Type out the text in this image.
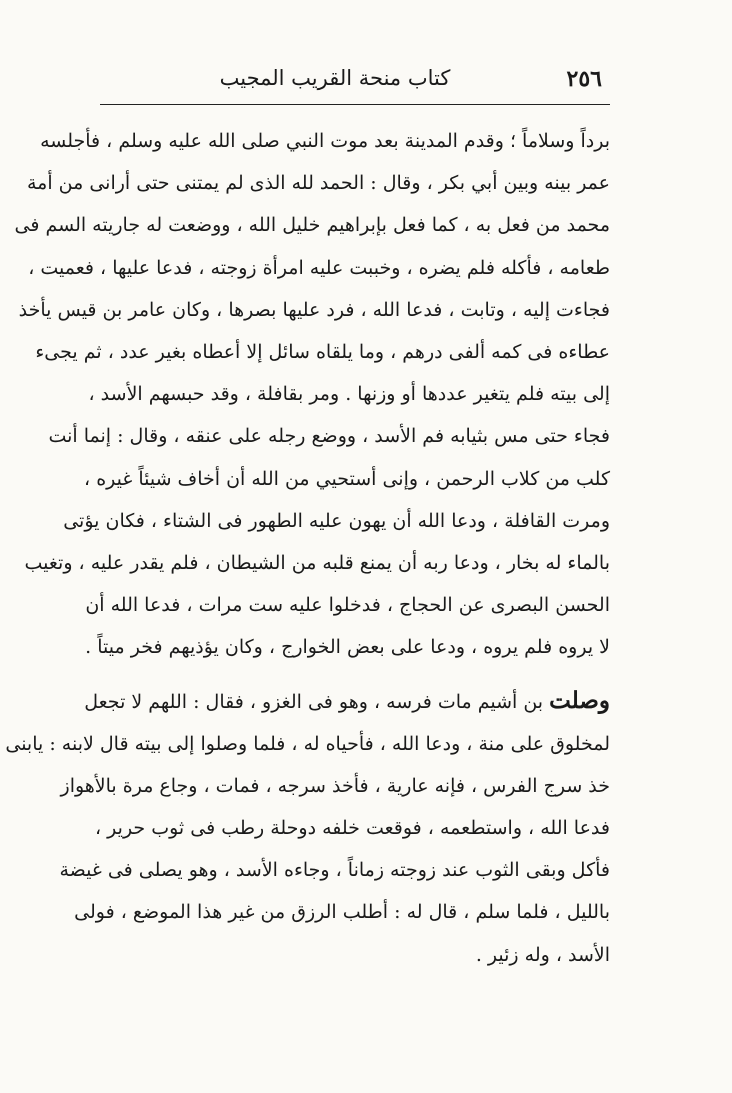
٢٥٦
كتاب منحة القريب المجيب
برداً وسلاماً ؛ وقدم المدينة بعد موت النبي صلى الله عليه وسلم ، فأجلسه
عمر بينه وبين أبي بكر ، وقال : الحمد لله الذى لم يمتنى حتى أرانى من أمة
محمد من فعل به ، كما فعل بإبراهيم خليل الله ، ووضعت له جاريته السم فى
طعامه ، فأكله فلم يضره ، وخببت عليه امرأة زوجته ، فدعا عليها ، فعميت ،
فجاءت إليه ، وتابت ، فدعا الله ، فرد عليها بصرها ، وكان عامر بن قيس يأخذ
عطاءه فى كمه ألفى درهم ، وما يلقاه سائل إلا أعطاه بغير عدد ، ثم يجىء
إلى بيته فلم يتغير عددها أو وزنها . ومر بقافلة ، وقد حبسهم الأسد ،
فجاء حتى مس بثيابه فم الأسد ، ووضع رجله على عنقه ، وقال : إنما أنت
كلب من كلاب الرحمن ، وإنى أستحيي من الله أن أخاف شيئاً غيره ،
ومرت القافلة ، ودعا الله أن يهون عليه الطهور فى الشتاء ، فكان يؤتى
بالماء له بخار ، ودعا ربه أن يمنع قلبه من الشيطان ، فلم يقدر عليه ، وتغيب
الحسن البصرى عن الحجاج ، فدخلوا عليه ست مرات ، فدعا الله أن
لا يروه فلم يروه ، ودعا على بعض الخوارج ، وكان يؤذيهم فخر ميتاً .
وصلت بن أشيم مات فرسه ، وهو فى الغزو ، فقال : اللهم لا تجعل
لمخلوق على منة ، ودعا الله ، فأحياه له ، فلما وصلوا إلى بيته قال لابنه : يابنى
خذ سرج الفرس ، فإنه عارية ، فأخذ سرجه ، فمات ، وجاع مرة بالأهواز
فدعا الله ، واستطعمه ، فوقعت خلفه دوحلة رطب فى ثوب حرير ،
فأكل وبقى الثوب عند زوجته زماناً ، وجاءه الأسد ، وهو يصلى فى غيضة
بالليل ، فلما سلم ، قال له : أطلب الرزق من غير هذا الموضع ، فولى
الأسد ، وله زئير .
